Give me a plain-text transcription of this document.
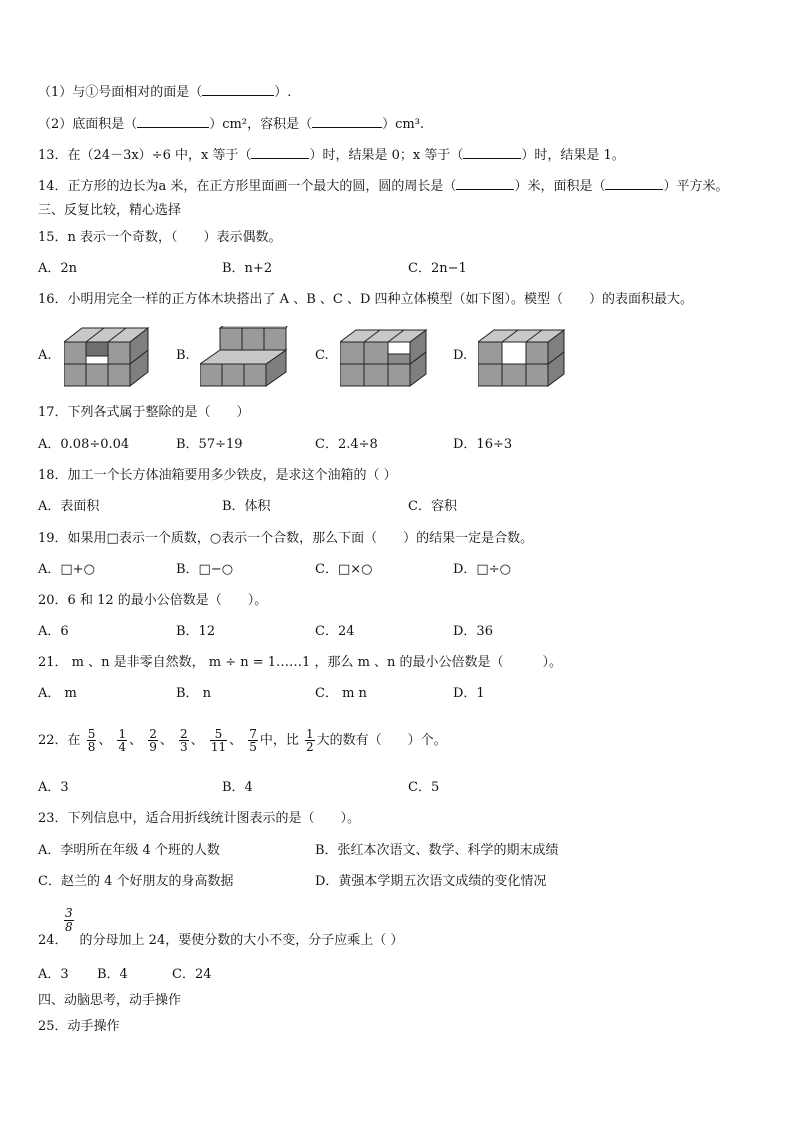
（1）与①号面相对的面是（	）.
（2）底面积是（	）cm²，容积是（	）cm³.
13．在（24－3x）÷6 中，x 等于（	）时，结果是 0；x 等于（	）时，结果是 1。
14．正方形的边长为a 米，在正方形里面画一个最大的圆，圆的周长是（	）米，面积是（	）平方米。
三、反复比较，精心选择
15．n 表示一个奇数，（　　）表示偶数。
A．2n	B．n+2	C．2n−1
16．小明用完全一样的正方体木块搭出了 A 、B 、C 、D 四种立体模型（如下图）。模型（　　）的表面积最大。
A.	B.	C.	D.
17．下列各式属于整除的是（　　）
A．0.08÷0.04	B．57÷19	C．2.4÷8	D．16÷3
18．加工一个长方体油箱要用多少铁皮，是求这个油箱的（ ）
A．表面积	B．体积	C．容积
19．如果用□表示一个质数，○表示一个合数，那么下面（　　）的结果一定是合数。
A．□+○	B．□−○	C．□×○	D．□÷○
20．6 和 12 的最小公倍数是（　　）。
A．6	B．12	C．24	D．36
21． m 、n 是非零自然数， m ÷ n = 1……1 ，那么 m 、n 的最小公倍数是（　　　）。
A． m	B． n	C． m n	D．1
22．在 $\frac{5}{8}$ 、 $\frac{1}{4}$ 、 $\frac{2}{9}$ 、 $\frac{2}{3}$ 、 $\frac{5}{11}$ 、 $\frac{7}{5}$ 中，比 $\frac{1}{2}$ 大的数有（　　）个。
A．3	B．4	C．5
23．下列信息中，适合用折线统计图表示的是（　　）。
A．李明所在年级 4 个班的人数	B．张红本次语文、数学、科学的期末成绩
C．赵兰的 4 个好朋友的身高数据	D．黄强本学期五次语文成绩的变化情况
$\frac{3}{8}$
24． 的分母加上 24，要使分数的大小不变，分子应乘上（ ）
A．3 B．4	C．24
四、动脑思考，动手操作
25．动手操作
